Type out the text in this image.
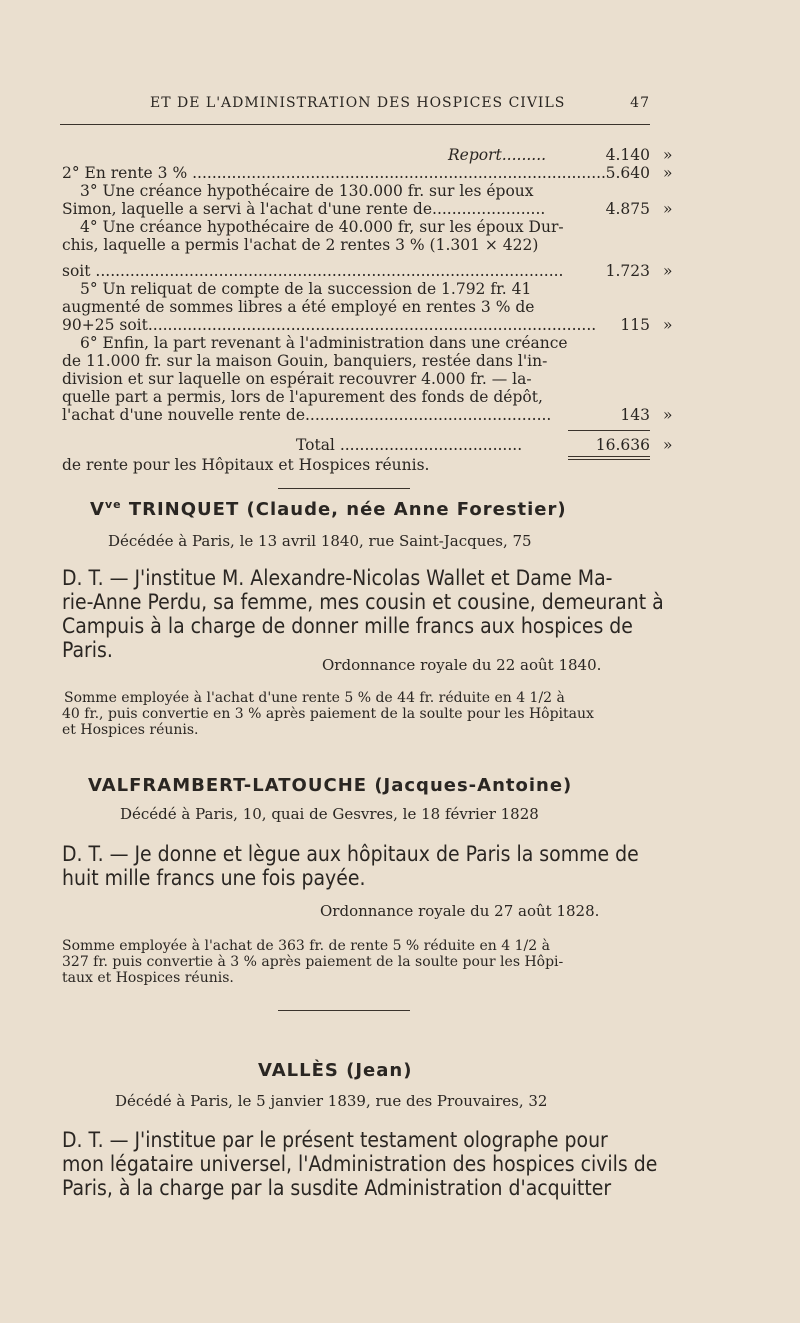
ET DE L'ADMINISTRATION DES HOSPICES CIVILS	47
Report.........	4.140 »
2° En rente 3 % .................................................................................... 5.640 »
3° Une créance hypothécaire de 130.000 fr. sur les époux
Simon, laquelle a servi à l'achat d'une rente de.......................	4.875 »
4° Une créance hypothécaire de 40.000 fr, sur les époux Dur-
chis, laquelle a permis l'achat de 2 rentes 3 % (1.301 × 422)
soit ...............................................................................................	1.723 »
5° Un reliquat de compte de la succession de 1.792 fr. 41
augmenté de sommes libres a été employé en rentes 3 % de
90+25 soit........................................................................................... 115 »
6° Enfin, la part revenant à l'administration dans une créance
de 11.000 fr. sur la maison Gouin, banquiers, restée dans l'in-
division et sur laquelle on espérait recouvrer 4.000 fr. — la-
quelle part a permis, lors de l'apurement des fonds de dépôt,
l'achat d'une nouvelle rente de..................................................	143 »
Total .....................................	16.636 »
de rente pour les Hôpitaux et Hospices réunis.
$V^{ve}$ TRINQUET (Claude, née Anne Forestier)
Décédée à Paris, le 13 avril 1840, rue Saint-Jacques, 75
D. T. — J'institue M. Alexandre-Nicolas Wallet et Dame Ma-
rie-Anne Perdu, sa femme, mes cousin et cousine, demeurant à
Campuis à la charge de donner mille francs aux hospices de
Paris.
Ordonnance royale du 22 août 1840.
Somme employée à l'achat d'une rente 5 % de 44 fr. réduite en 4 1/2 à
40 fr., puis convertie en 3 % après paiement de la soulte pour les Hôpitaux
et Hospices réunis.
VALFRAMBERT-LATOUCHE (Jacques-Antoine)
Décédé à Paris, 10, quai de Gesvres, le 18 février 1828
D. T. — Je donne et lègue aux hôpitaux de Paris la somme de
huit mille francs une fois payée.
Ordonnance royale du 27 août 1828.
Somme employée à l'achat de 363 fr. de rente 5 % réduite en 4 1/2 à
327 fr. puis convertie à 3 % après paiement de la soulte pour les Hôpi-
taux et Hospices réunis.
VALLÈS (Jean)
Décédé à Paris, le 5 janvier 1839, rue des Prouvaires, 32
D. T. — J'institue par le présent testament olographe pour
mon légataire universel, l'Administration des hospices civils de
Paris, à la charge par la susdite Administration d'acquitter
